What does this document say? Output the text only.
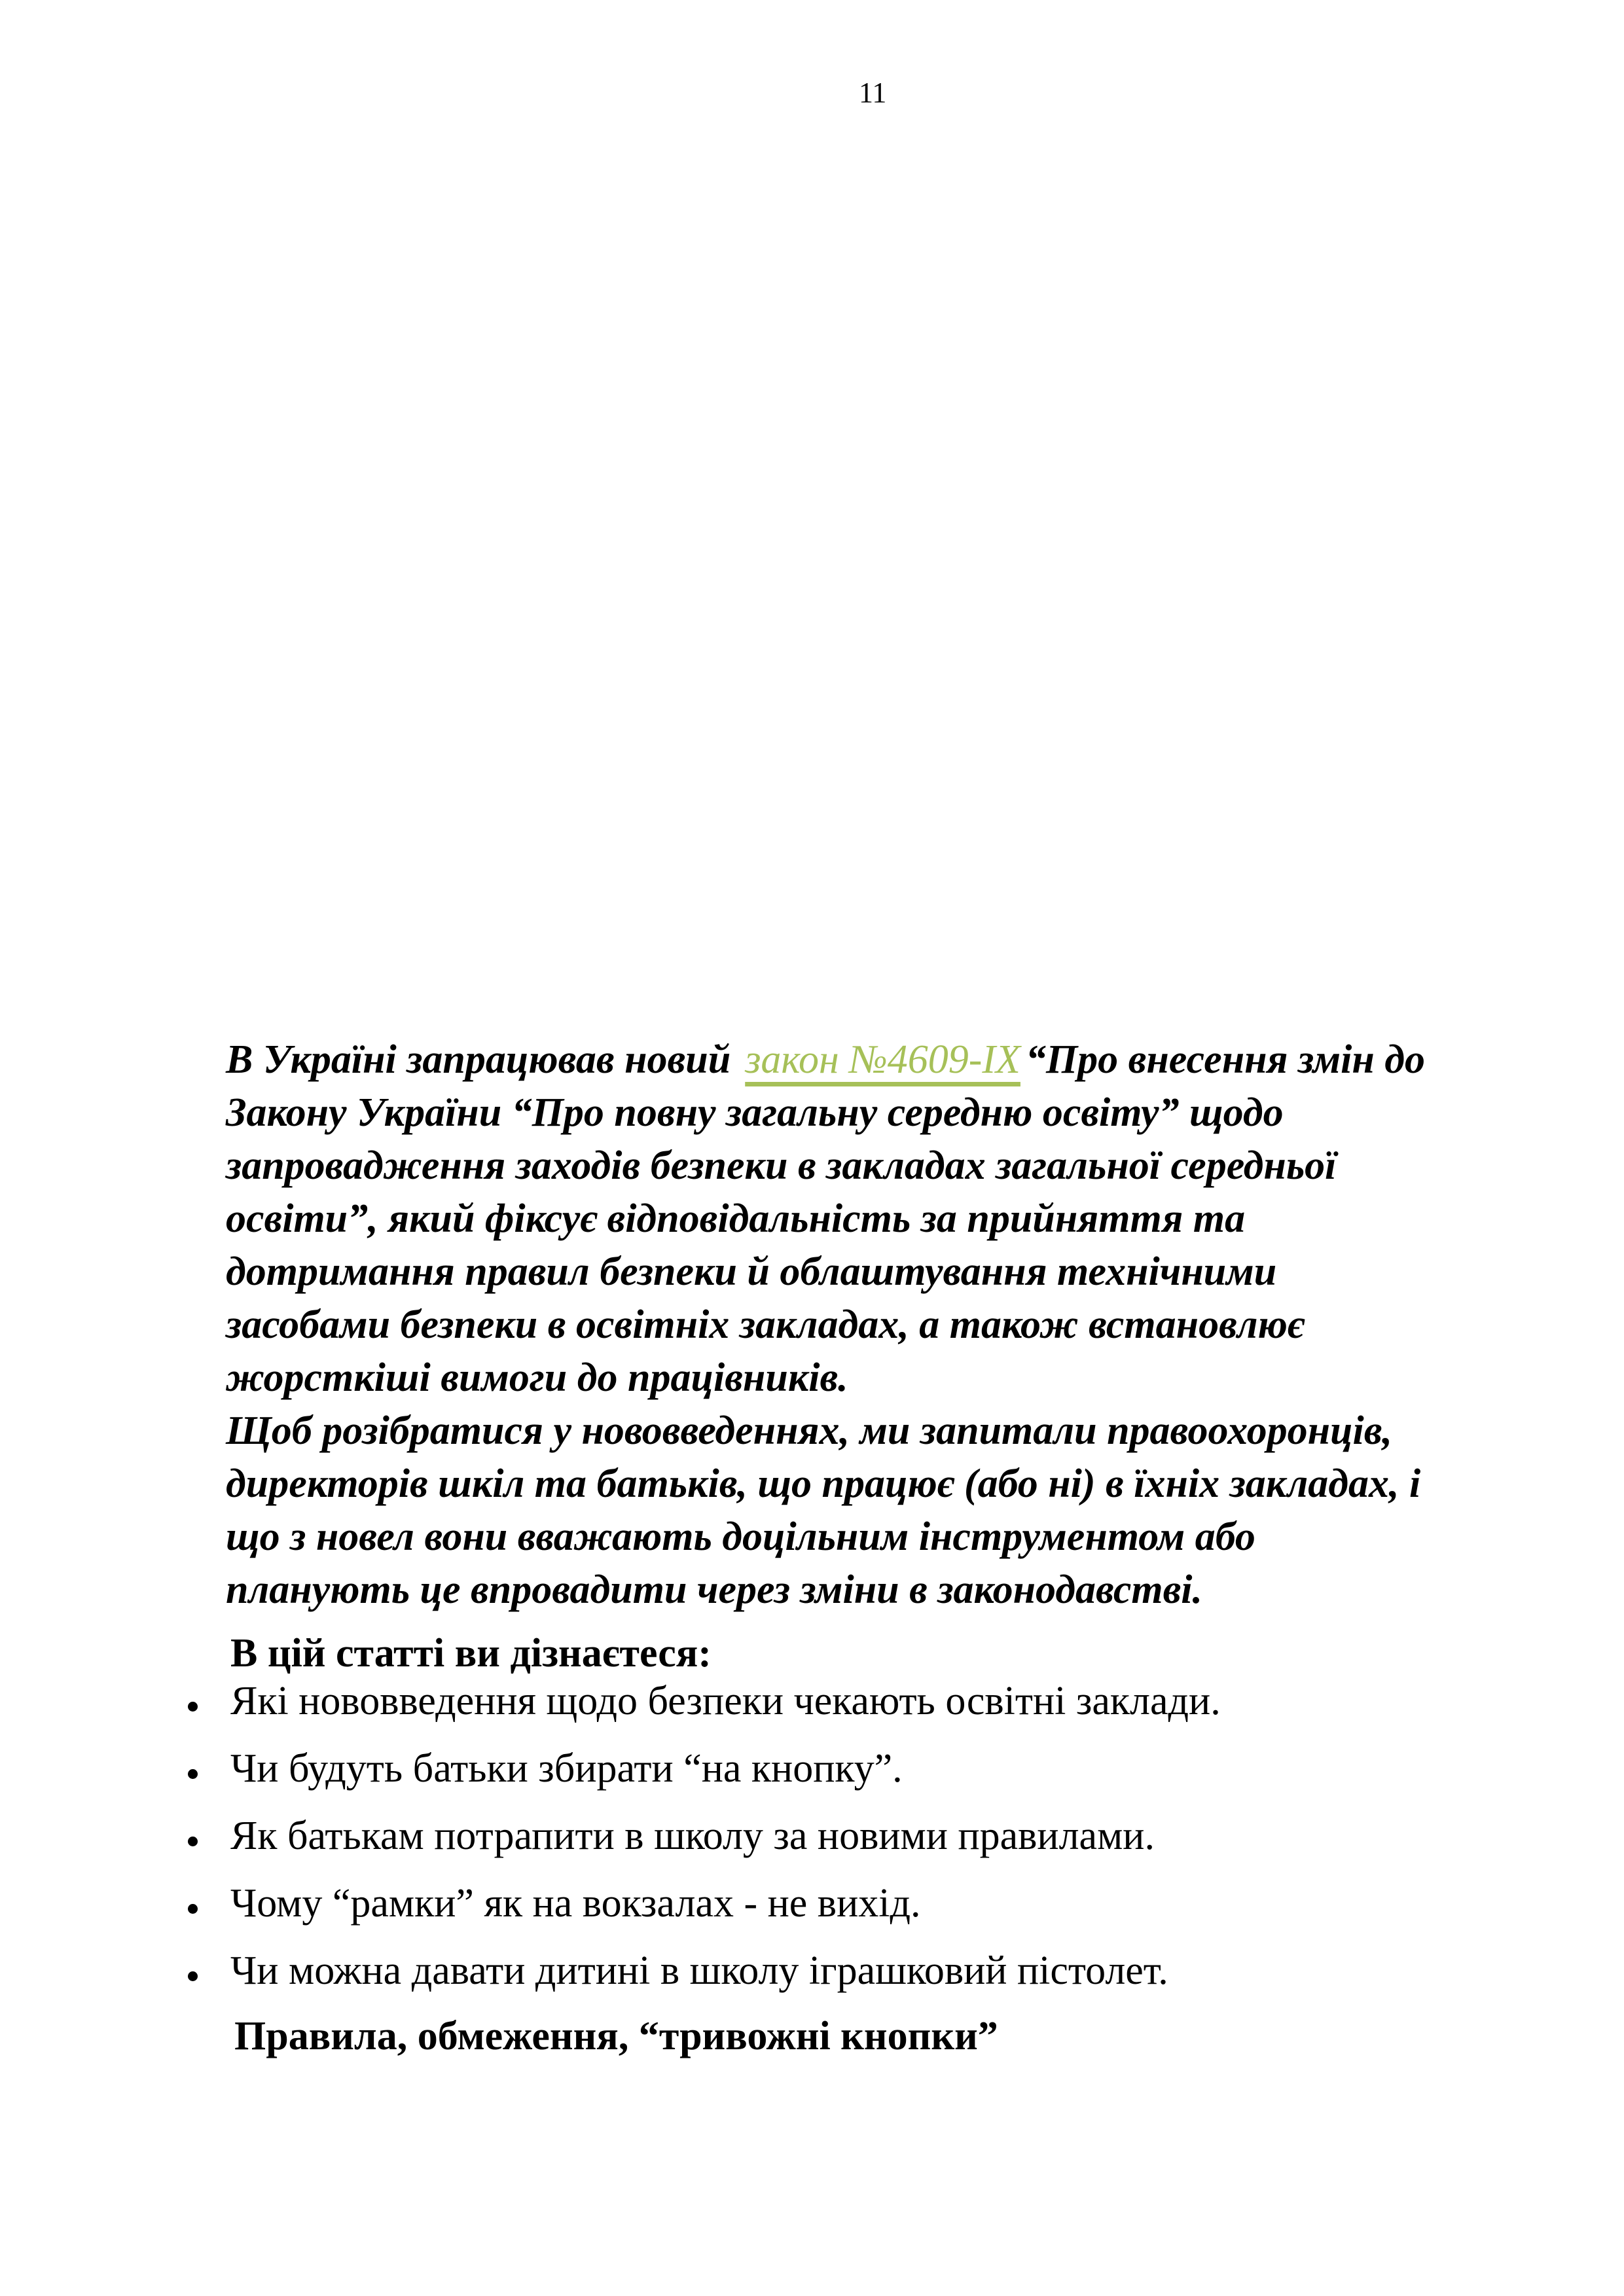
11
В Україні запрацював новий закон №4609-IX “Про внесення змін до
Закону України “Про повну загальну середню освіту” щодо
запровадження заходів безпеки в закладах загальної середньої
освіти”, який фіксує відповідальність за прийняття та
дотримання правил безпеки й облаштування технічними
засобами безпеки в освітніх закладах, а також встановлює
жорсткіші вимоги до працівників.
Щоб розібратися у нововведеннях, ми запитали правоохоронців,
директорів шкіл та батьків, що працює (або ні) в їхніх закладах, і
що з новел вони вважають доцільним інструментом або
планують це впровадити через зміни в законодавстві.
В цій статті ви дізнаєтеся:
Які нововведення щодо безпеки чекають освітні заклади.
Чи будуть батьки збирати “на кнопку”.
Як батькам потрапити в школу за новими правилами.
Чому “рамки” як на вокзалах - не вихід.
Чи можна давати дитині в школу іграшковий пістолет.
Правила, обмеження, “тривожні кнопки”
